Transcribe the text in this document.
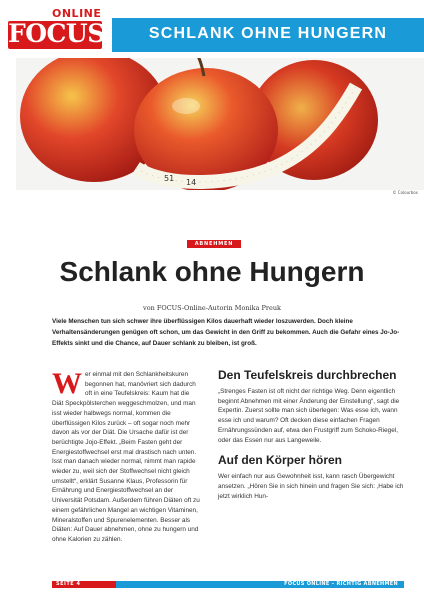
ONLINE
FOCUS	SCHLANK OHNE HUNGERN
51 14
© Colourbox
ABNEHMEN
Schlank ohne Hungern
von FOCUS-Online-Autorin Monika Preuk

Viele Menschen tun sich schwer ihre überflüssigen Kilos dauerhaft wieder loszuwerden. Doch kleine Verhaltensänderungen genügen oft schon, um das Gewicht in den Griff zu bekommen. Auch die Gefahr eines Jo-Jo-Effekts sinkt und die Chance, auf Dauer schlank zu bleiben, ist groß.

Wer einmal mit den Schlankheitskuren begonnen hat, manövriert sich dadurch oft in eine Teufelskreis: Kaum hat die Diät Speckpölsterchen weggeschmolzen, und man isst wieder halbwegs normal, kommen die überflüssigen Kilos zurück – oft sogar noch mehr davon als vor der Diät. Die Ursache dafür ist der berüchtigte Jojo-Effekt. „Beim Fasten geht der Energiestoffwechsel erst mal drastisch nach unten. Isst man danach wieder normal, nimmt man rapide wieder zu, weil sich der Stoffwechsel nicht gleich umstellt“, erklärt Susanne Klaus, Professorin für Ernährung und Energiestoffwechsel an der Universität Potsdam. Außerdem führen Diäten oft zu einem gefährlichen Mangel an wichtigen Vitaminen, Mineralstoffen und Spurenelementen. Besser als Diäten: Auf Dauer abnehmen, ohne zu hungern und ohne Kalorien zu zählen.

Den Teufelskreis durchbrechen

„Strenges Fasten ist oft nicht der richtige Weg. Denn eigentlich beginnt Abnehmen mit einer Änderung der Einstellung“, sagt die Expertin. Zuerst sollte man sich überlegen: Was esse ich, wann esse ich und warum? Oft decken diese einfachen Fragen Ernährungssünden auf, etwa den Frustgriff zum Schoko-Riegel, oder das Essen nur aus Langeweile.

Auf den Körper hören

Wer einfach nur aus Gewohnheit isst, kann rasch Übergewicht ansetzen. „Hören Sie in sich hinein und fragen Sie sich: ‚Habe ich jetzt wirklich Hun-

SEITE 4	FOCUS ONLINE – RICHTIG ABNEHMEN
